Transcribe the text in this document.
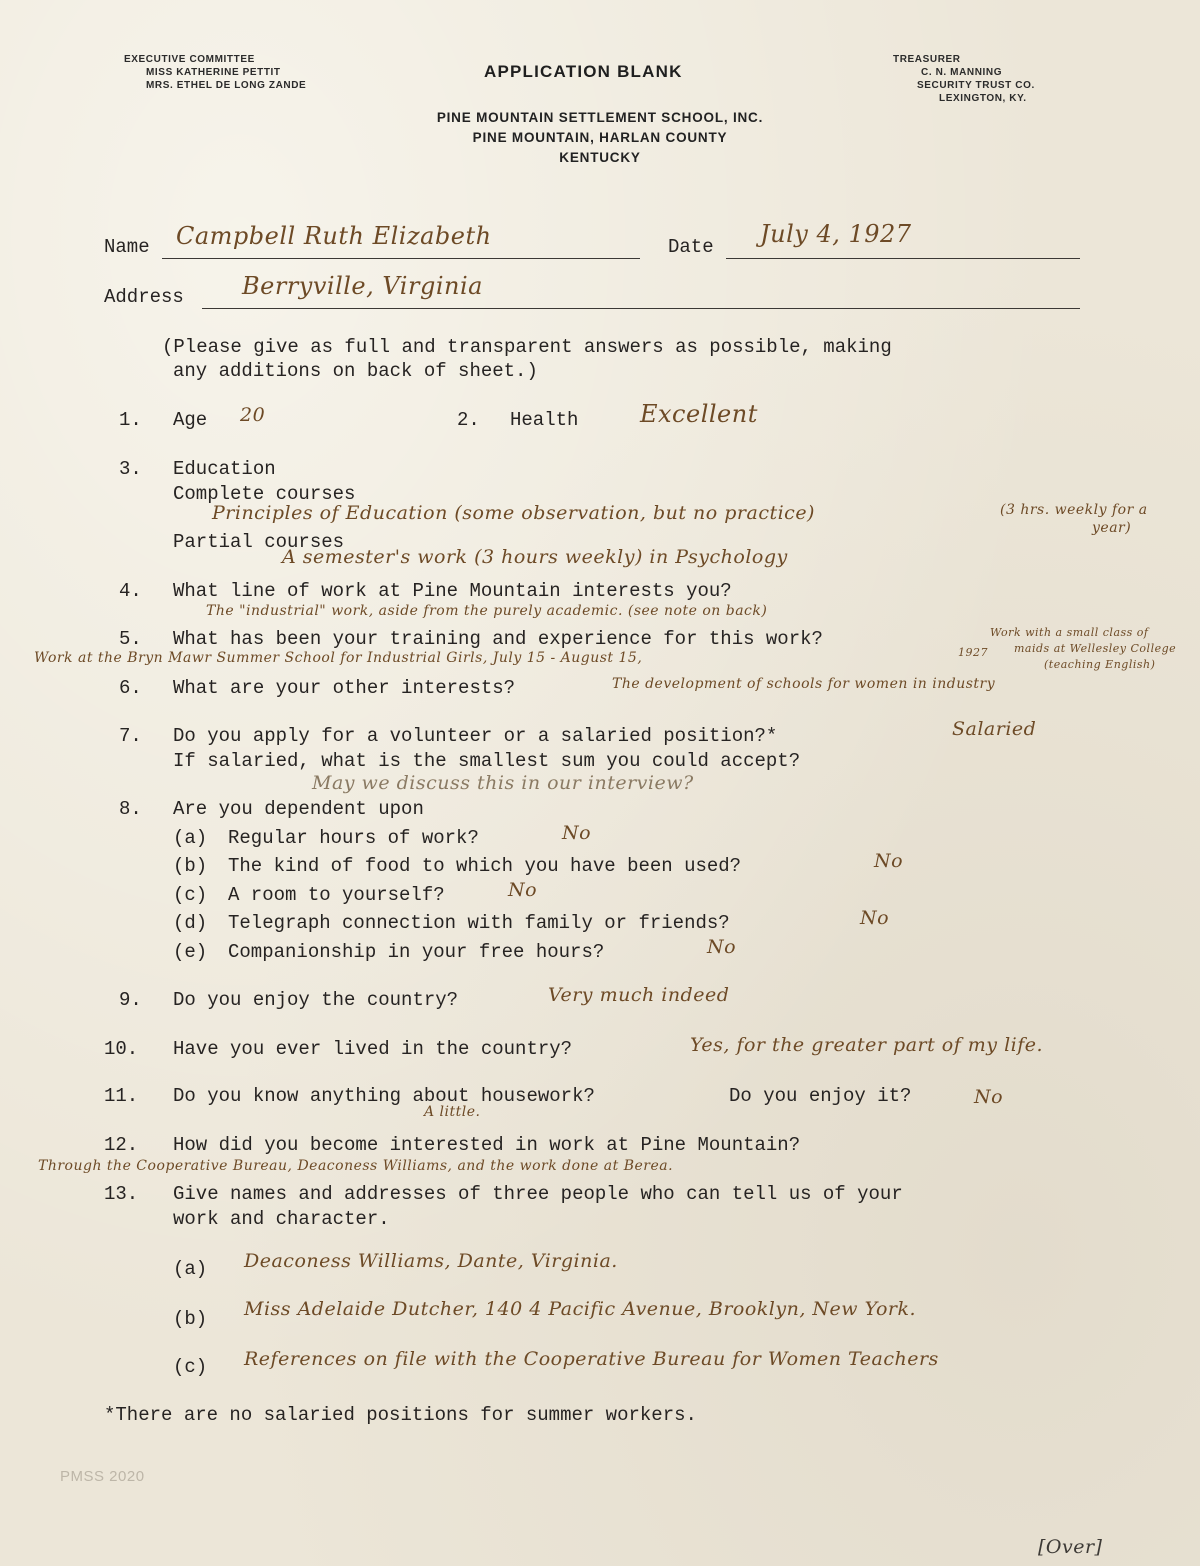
EXECUTIVE COMMITTEE
MISS KATHERINE PETTIT
MRS. ETHEL DE LONG ZANDE
APPLICATION BLANK
TREASURER
C. N. MANNING
SECURITY TRUST CO.
LEXINGTON, KY.
PINE MOUNTAIN SETTLEMENT SCHOOL, INC.
PINE MOUNTAIN, HARLAN COUNTY
KENTUCKY
Name Campbell Ruth Elizabeth	Date July 4, 1927
Address Berryville, Virginia
(Please give as full and transparent answers as possible, making
any additions on back of sheet.)
1. Age 20	2. Health	Excellent
3. Education
Complete courses
Principles of Education (some observation, but no practice)	(3 hrs. weekly for a
year)
Partial courses
A semester's work (3 hours weekly) in Psychology
4. What line of work at Pine Mountain interests you?
The "industrial" work, aside from the purely academic. (see note on back)
5. What has been your training and experience for this work?
Work at the Bryn Mawr Summer School for Industrial Girls, July 15 - August 15,	1927
Work with a small class of
maids at Wellesley College
(teaching English)
6. What are your other interests?	The development of schools for women in industry
7. Do you apply for a volunteer or a salaried position?*	Salaried
If salaried, what is the smallest sum you could accept?
May we discuss this in our interview?
8. Are you dependent upon
(a) Regular hours of work?	No
(b) The kind of food to which you have been used?	No
(c) A room to yourself?	No
(d) Telegraph connection with family or friends?	No
(e) Companionship in your free hours?	No
9. Do you enjoy the country?	Very much indeed
10. Have you ever lived in the country?	Yes, for the greater part of my life.
11. Do you know anything about housework?
A little.
Do you enjoy it?	No
12. How did you become interested in work at Pine Mountain?
Through the Cooperative Bureau, Deaconess Williams, and the work done at Berea.
13. Give names and addresses of three people who can tell us of your
work and character.
(a) Deaconess Williams, Dante, Virginia.
(b) Miss Adelaide Dutcher, 140 4 Pacific Avenue, Brooklyn, New York.
(c) References on file with the Cooperative Bureau for Women Teachers
*There are no salaried positions for summer workers.
PMSS 2020
[Over]
